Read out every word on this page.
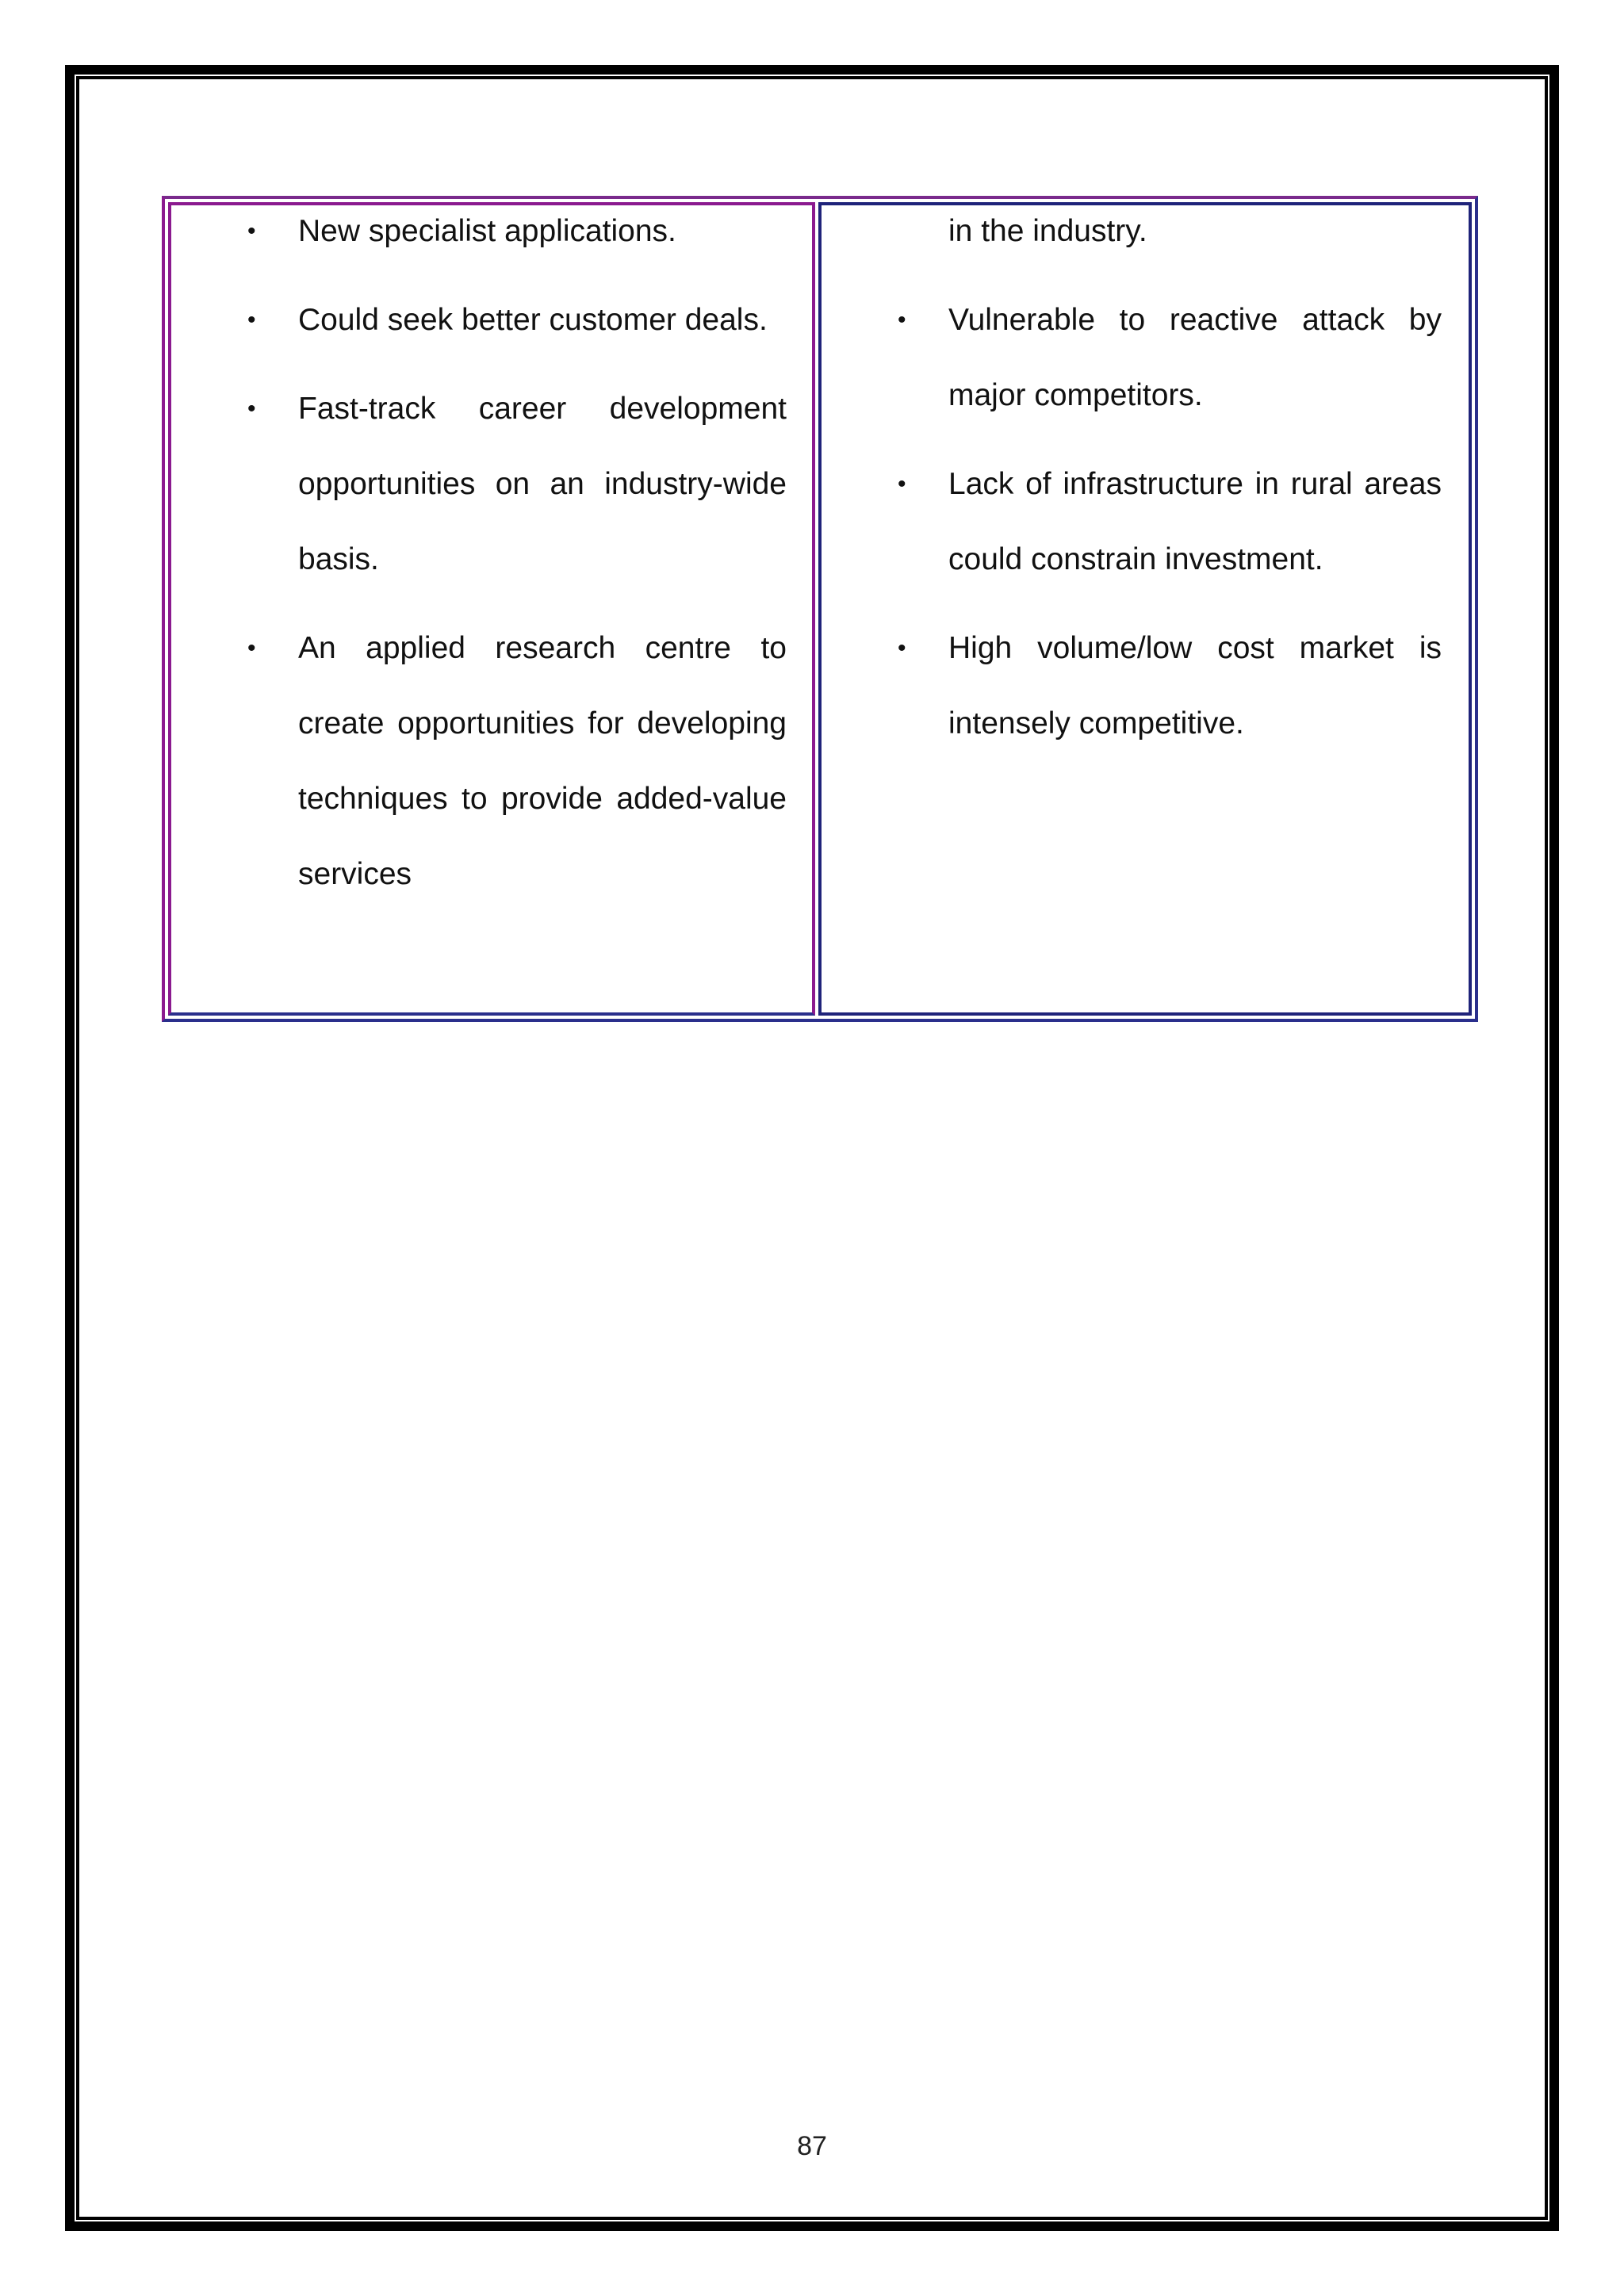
• New specialist applications.
• Could seek better customer deals.
• Fast-track career development opportunities on an industry-wide basis.
• An applied research centre to create opportunities for developing techniques to provide added-value services
in the industry.
• Vulnerable to reactive attack by major competitors.
• Lack of infrastructure in rural areas could constrain investment.
• High volume/low cost market is intensely competitive.
87
